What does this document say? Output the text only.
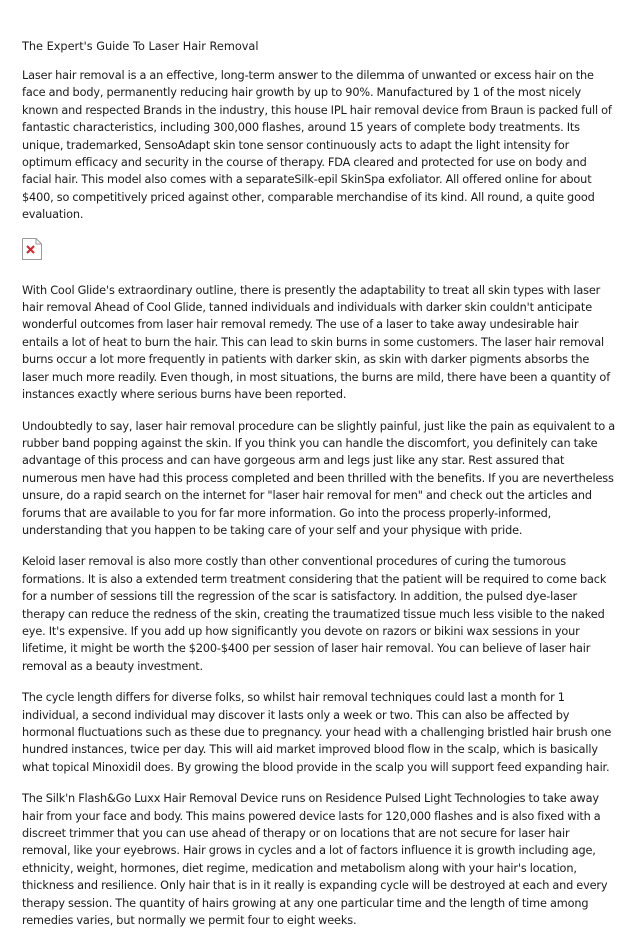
The Expert's Guide To Laser Hair Removal

Laser hair removal is a an effective, long-term answer to the dilemma of unwanted or excess hair on the face and body, permanently reducing hair growth by up to 90%. Manufactured by 1 of the most nicely known and respected Brands in the industry, this house IPL hair removal device from Braun is packed full of fantastic characteristics, including 300,000 flashes, around 15 years of complete body treatments. Its unique, trademarked, SensoAdapt skin tone sensor continuously acts to adapt the light intensity for optimum efficacy and security in the course of therapy. FDA cleared and protected for use on body and facial hair. This model also comes with a separateSilk-epil SkinSpa exfoliator. All offered online for about $400, so competitively priced against other, comparable merchandise of its kind. All round, a quite good evaluation.

With Cool Glide's extraordinary outline, there is presently the adaptability to treat all skin types with laser hair removal Ahead of Cool Glide, tanned individuals and individuals with darker skin couldn't anticipate wonderful outcomes from laser hair removal remedy. The use of a laser to take away undesirable hair entails a lot of heat to burn the hair. This can lead to skin burns in some customers. The laser hair removal burns occur a lot more frequently in patients with darker skin, as skin with darker pigments absorbs the laser much more readily. Even though, in most situations, the burns are mild, there have been a quantity of instances exactly where serious burns have been reported.

Undoubtedly to say, laser hair removal procedure can be slightly painful, just like the pain as equivalent to a rubber band popping against the skin. If you think you can handle the discomfort, you definitely can take advantage of this process and can have gorgeous arm and legs just like any star. Rest assured that numerous men have had this process completed and been thrilled with the benefits. If you are nevertheless unsure, do a rapid search on the internet for "laser hair removal for men" and check out the articles and forums that are available to you for far more information. Go into the process properly-informed, understanding that you happen to be taking care of your self and your physique with pride.

Keloid laser removal is also more costly than other conventional procedures of curing the tumorous formations. It is also a extended term treatment considering that the patient will be required to come back for a number of sessions till the regression of the scar is satisfactory. In addition, the pulsed dye-laser therapy can reduce the redness of the skin, creating the traumatized tissue much less visible to the naked eye. It's expensive. If you add up how significantly you devote on razors or bikini wax sessions in your lifetime, it might be worth the $200-$400 per session of laser hair removal. You can believe of laser hair removal as a beauty investment.

The cycle length differs for diverse folks, so whilst hair removal techniques could last a month for 1 individual, a second individual may discover it lasts only a week or two. This can also be affected by hormonal fluctuations such as these due to pregnancy. your head with a challenging bristled hair brush one hundred instances, twice per day. This will aid market improved blood flow in the scalp, which is basically what topical Minoxidil does. By growing the blood provide in the scalp you will support feed expanding hair.

The Silk'n Flash&Go Luxx Hair Removal Device runs on Residence Pulsed Light Technologies to take away hair from your face and body. This mains powered device lasts for 120,000 flashes and is also fixed with a discreet trimmer that you can use ahead of therapy or on locations that are not secure for laser hair removal, like your eyebrows. Hair grows in cycles and a lot of factors influence it is growth including age, ethnicity, weight, hormones, diet regime, medication and metabolism along with your hair's location, thickness and resilience. Only hair that is in it really is expanding cycle will be destroyed at each and every therapy session. The quantity of hairs growing at any one particular time and the length of time among remedies varies, but normally we permit four to eight weeks.
